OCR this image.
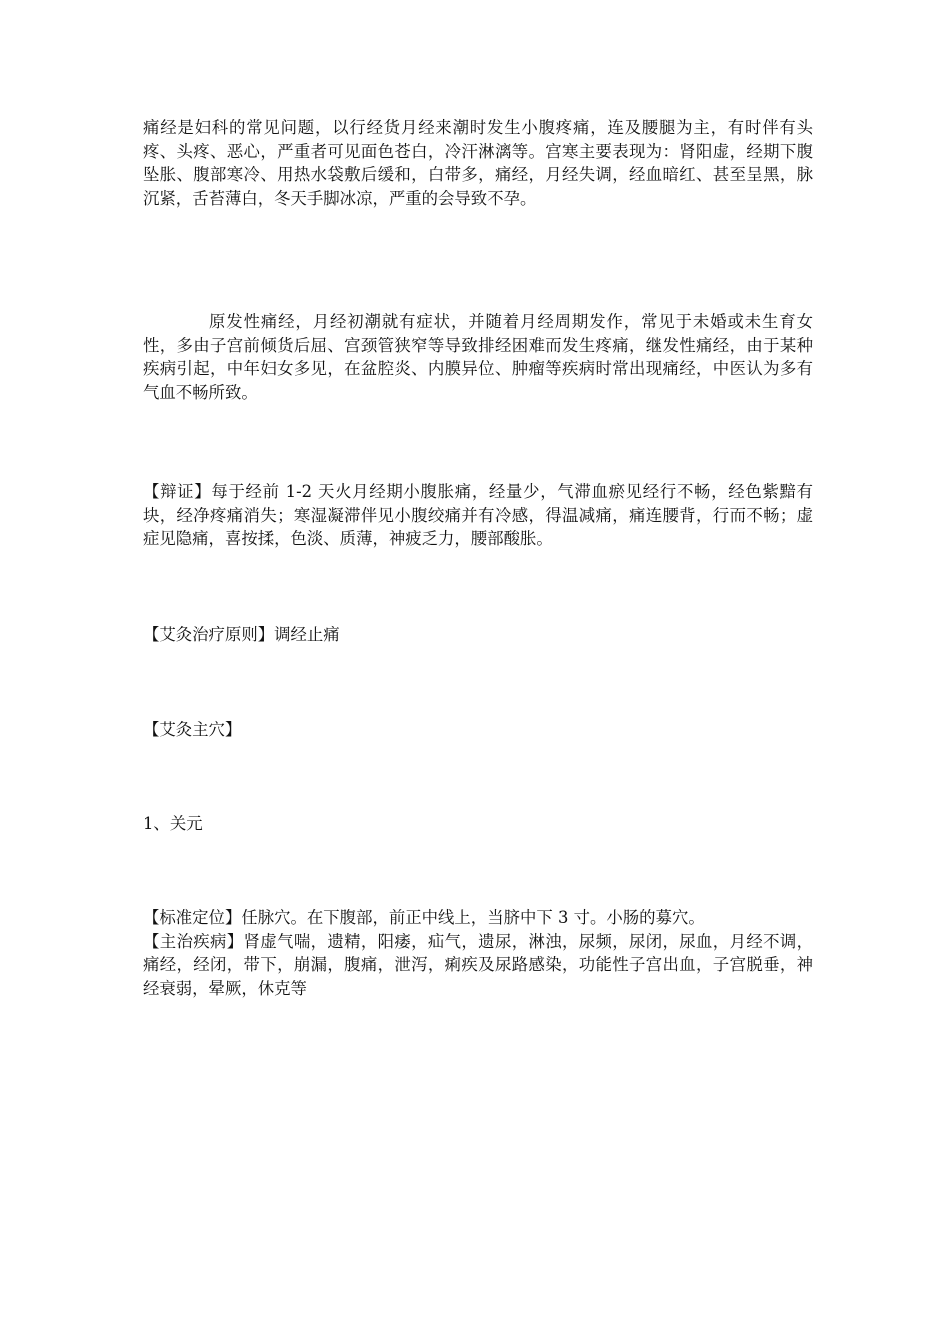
痛经是妇科的常见问题，以行经货月经来潮时发生小腹疼痛，连及腰腿为主，有时伴有头疼、头疼、恶心，严重者可见面色苍白，冷汗淋漓等。宫寒主要表现为：肾阳虚，经期下腹坠胀、腹部寒冷、用热水袋敷后缓和，白带多，痛经，月经失调，经血暗红、甚至呈黑，脉沉紧，舌苔薄白，冬天手脚冰凉，严重的会导致不孕。

原发性痛经，月经初潮就有症状，并随着月经周期发作，常见于未婚或未生育女性，多由子宫前倾货后屈、宫颈管狭窄等导致排经困难而发生疼痛，继发性痛经，由于某种疾病引起，中年妇女多见，在盆腔炎、内膜异位、肿瘤等疾病时常出现痛经，中医认为多有气血不畅所致。

【辩证】每于经前 1-2 天火月经期小腹胀痛，经量少，气滞血瘀见经行不畅，经色紫黯有块，经净疼痛消失；寒湿凝滞伴见小腹绞痛并有冷感，得温减痛，痛连腰背，行而不畅；虚症见隐痛，喜按揉，色淡、质薄，神疲乏力，腰部酸胀。

【艾灸治疗原则】调经止痛

【艾灸主穴】

1、关元

【标准定位】任脉穴。在下腹部，前正中线上，当脐中下 3 寸。小肠的募穴。
【主治疾病】肾虚气喘，遗精，阳痿，疝气，遗尿，淋浊，尿频，尿闭，尿血，月经不调，痛经，经闭，带下，崩漏，腹痛，泄泻，痢疾及尿路感染，功能性子宫出血，子宫脱垂，神经衰弱，晕厥，休克等
